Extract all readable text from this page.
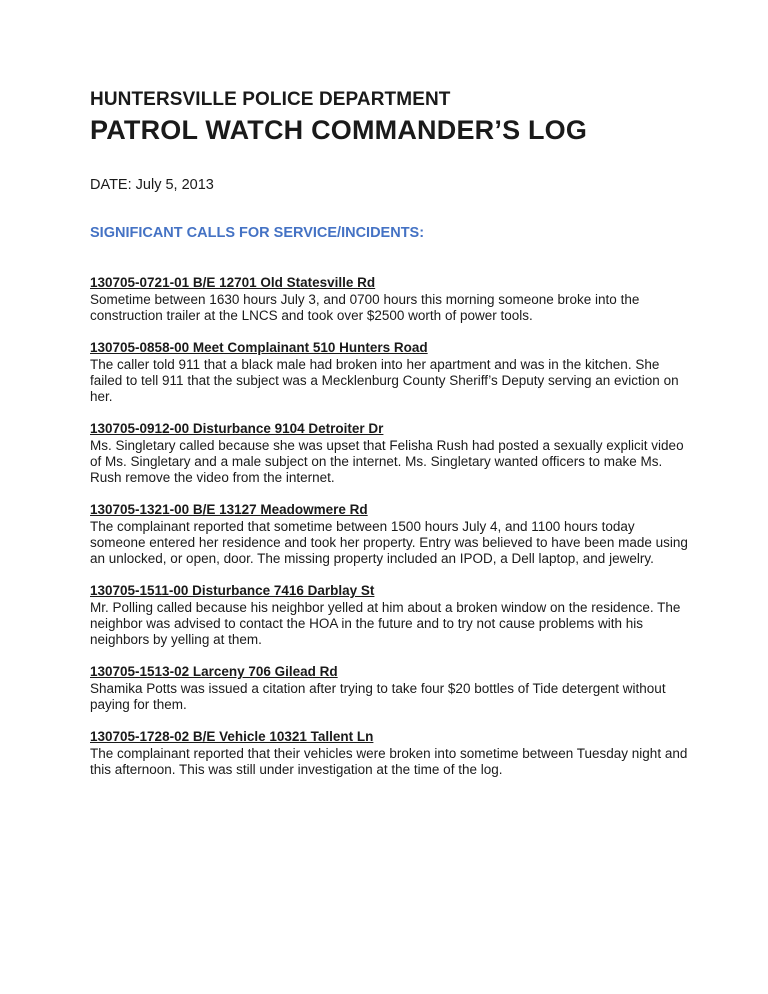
HUNTERSVILLE POLICE DEPARTMENT
PATROL WATCH COMMANDER’S LOG
DATE: July 5, 2013
SIGNIFICANT CALLS FOR SERVICE/INCIDENTS:
130705-0721-01 B/E 12701 Old Statesville Rd

Sometime between 1630 hours July 3, and 0700 hours this morning someone broke into the construction trailer at the LNCS and took over $2500 worth of power tools.

130705-0858-00 Meet Complainant 510 Hunters Road

The caller told 911 that a black male had broken into her apartment and was in the kitchen. She failed to tell 911 that the subject was a Mecklenburg County Sheriff’s Deputy serving an eviction on her.

130705-0912-00 Disturbance 9104 Detroiter Dr

Ms. Singletary called because she was upset that Felisha Rush had posted a sexually explicit video of Ms. Singletary and a male subject on the internet. Ms. Singletary wanted officers to make Ms. Rush remove the video from the internet.

130705-1321-00 B/E 13127 Meadowmere Rd

The complainant reported that sometime between 1500 hours July 4, and 1100 hours today someone entered her residence and took her property. Entry was believed to have been made using an unlocked, or open, door. The missing property included an IPOD, a Dell laptop, and jewelry.

130705-1511-00 Disturbance 7416 Darblay St

Mr. Polling called because his neighbor yelled at him about a broken window on the residence. The neighbor was advised to contact the HOA in the future and to try not cause problems with his neighbors by yelling at them.

130705-1513-02 Larceny 706 Gilead Rd

Shamika Potts was issued a citation after trying to take four $20 bottles of Tide detergent without paying for them.

130705-1728-02 B/E Vehicle 10321 Tallent Ln

The complainant reported that their vehicles were broken into sometime between Tuesday night and this afternoon. This was still under investigation at the time of the log.
